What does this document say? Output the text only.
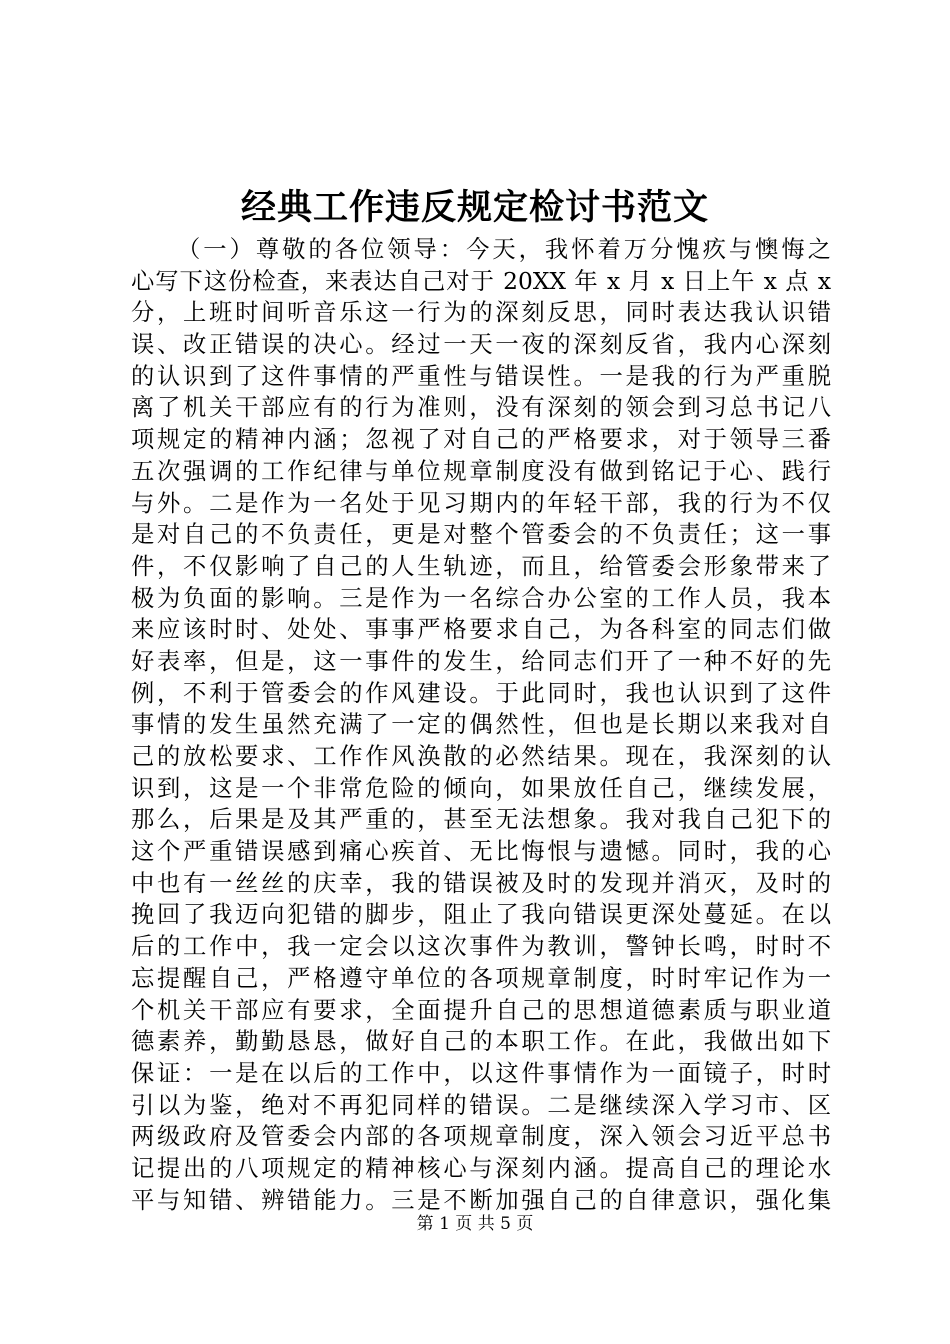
经典工作违反规定检讨书范文
（一）尊敬的各位领导：今天，我怀着万分愧疚与懊悔之
心写下这份检查，来表达自己对于 20XX 年 x 月 x 日上午 x 点 x
分，上班时间听音乐这一行为的深刻反思，同时表达我认识错
误、改正错误的决心。经过一天一夜的深刻反省，我内心深刻
的认识到了这件事情的严重性与错误性。一是我的行为严重脱
离了机关干部应有的行为准则，没有深刻的领会到习总书记八
项规定的精神内涵；忽视了对自己的严格要求，对于领导三番
五次强调的工作纪律与单位规章制度没有做到铭记于心、践行
与外。二是作为一名处于见习期内的年轻干部，我的行为不仅
是对自己的不负责任，更是对整个管委会的不负责任；这一事
件，不仅影响了自己的人生轨迹，而且，给管委会形象带来了
极为负面的影响。三是作为一名综合办公室的工作人员，我本
来应该时时、处处、事事严格要求自己，为各科室的同志们做
好表率，但是，这一事件的发生，给同志们开了一种不好的先
例，不利于管委会的作风建设。于此同时，我也认识到了这件
事情的发生虽然充满了一定的偶然性，但也是长期以来我对自
己的放松要求、工作作风涣散的必然结果。现在，我深刻的认
识到，这是一个非常危险的倾向，如果放任自己，继续发展，
那么，后果是及其严重的，甚至无法想象。我对我自己犯下的
这个严重错误感到痛心疾首、无比悔恨与遗憾。同时，我的心
中也有一丝丝的庆幸，我的错误被及时的发现并消灭，及时的
挽回了我迈向犯错的脚步，阻止了我向错误更深处蔓延。在以
后的工作中，我一定会以这次事件为教训，警钟长鸣，时时不
忘提醒自己，严格遵守单位的各项规章制度，时时牢记作为一
个机关干部应有要求，全面提升自己的思想道德素质与职业道
德素养，勤勤恳恳，做好自己的本职工作。在此，我做出如下
保证：一是在以后的工作中，以这件事情作为一面镜子，时时
引以为鉴，绝对不再犯同样的错误。二是继续深入学习市、区
两级政府及管委会内部的各项规章制度，深入领会习近平总书
记提出的八项规定的精神核心与深刻内涵。提高自己的理论水
平与知错、辨错能力。三是不断加强自己的自律意识，强化集
第 1 页 共 5 页
